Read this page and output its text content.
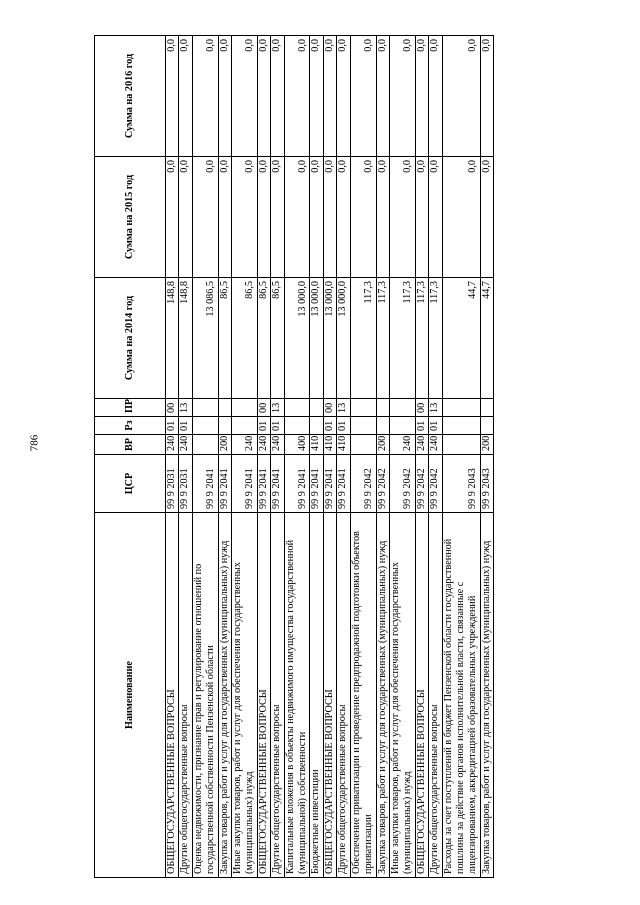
786
Наименование	ЦСР	ВР	Рз	ПР	Сумма на 2014 год	Сумма на 2015 год	Сумма на 2016 год
ОБЩЕГОСУДАРСТВЕННЫЕ ВОПРОСЫ	99 9 2031	240	01	00	148,8	0,0	0,0
Другие общегосударственные вопросы	99 9 2031	240	01	13	148,8	0,0	0,0
Оценка недвижимости, признание прав и регулирование отношений по государственной собственности Пензенской области	99 9 2041				13 086,5	0,0	0,0
Закупка товаров, работ и услуг для государственных (муниципальных) нужд	99 9 2041	200			86,5	0,0	0,0
Иные закупки товаров, работ и услуг для обеспечения государственных (муниципальных) нужд	99 9 2041	240			86,5	0,0	0,0
ОБЩЕГОСУДАРСТВЕННЫЕ ВОПРОСЫ	99 9 2041	240	01	00	86,5	0,0	0,0
Другие общегосударственные вопросы	99 9 2041	240	01	13	86,5	0,0	0,0
Капитальные вложения в объекты недвижимого имущества государственной (муниципальной) собственности	99 9 2041	400			13 000,0	0,0	0,0
Бюджетные инвестиции	99 9 2041	410			13 000,0	0,0	0,0
ОБЩЕГОСУДАРСТВЕННЫЕ ВОПРОСЫ	99 9 2041	410	01	00	13 000,0	0,0	0,0
Другие общегосударственные вопросы	99 9 2041	410	01	13	13 000,0	0,0	0,0
Обеспечение приватизации и проведение предпродажной подготовки объектов приватизации	99 9 2042				117,3	0,0	0,0
Закупка товаров, работ и услуг для государственных (муниципальных) нужд	99 9 2042	200			117,3	0,0	0,0
Иные закупки товаров, работ и услуг для обеспечения государственных (муниципальных) нужд	99 9 2042	240			117,3	0,0	0,0
ОБЩЕГОСУДАРСТВЕННЫЕ ВОПРОСЫ	99 9 2042	240	01	00	117,3	0,0	0,0
Другие общегосударственные вопросы	99 9 2042	240	01	13	117,3	0,0	0,0
Расходы за счет поступлений в бюджет Пензенской области государственной пошлины за действие органов исполнительной власти, связанные с лицензированием, аккредитацией образовательных учреждений	99 9 2043				44,7	0,0	0,0
Закупка товаров, работ и услуг для государственных (муниципальных) нужд	99 9 2043	200			44,7	0,0	0,0
